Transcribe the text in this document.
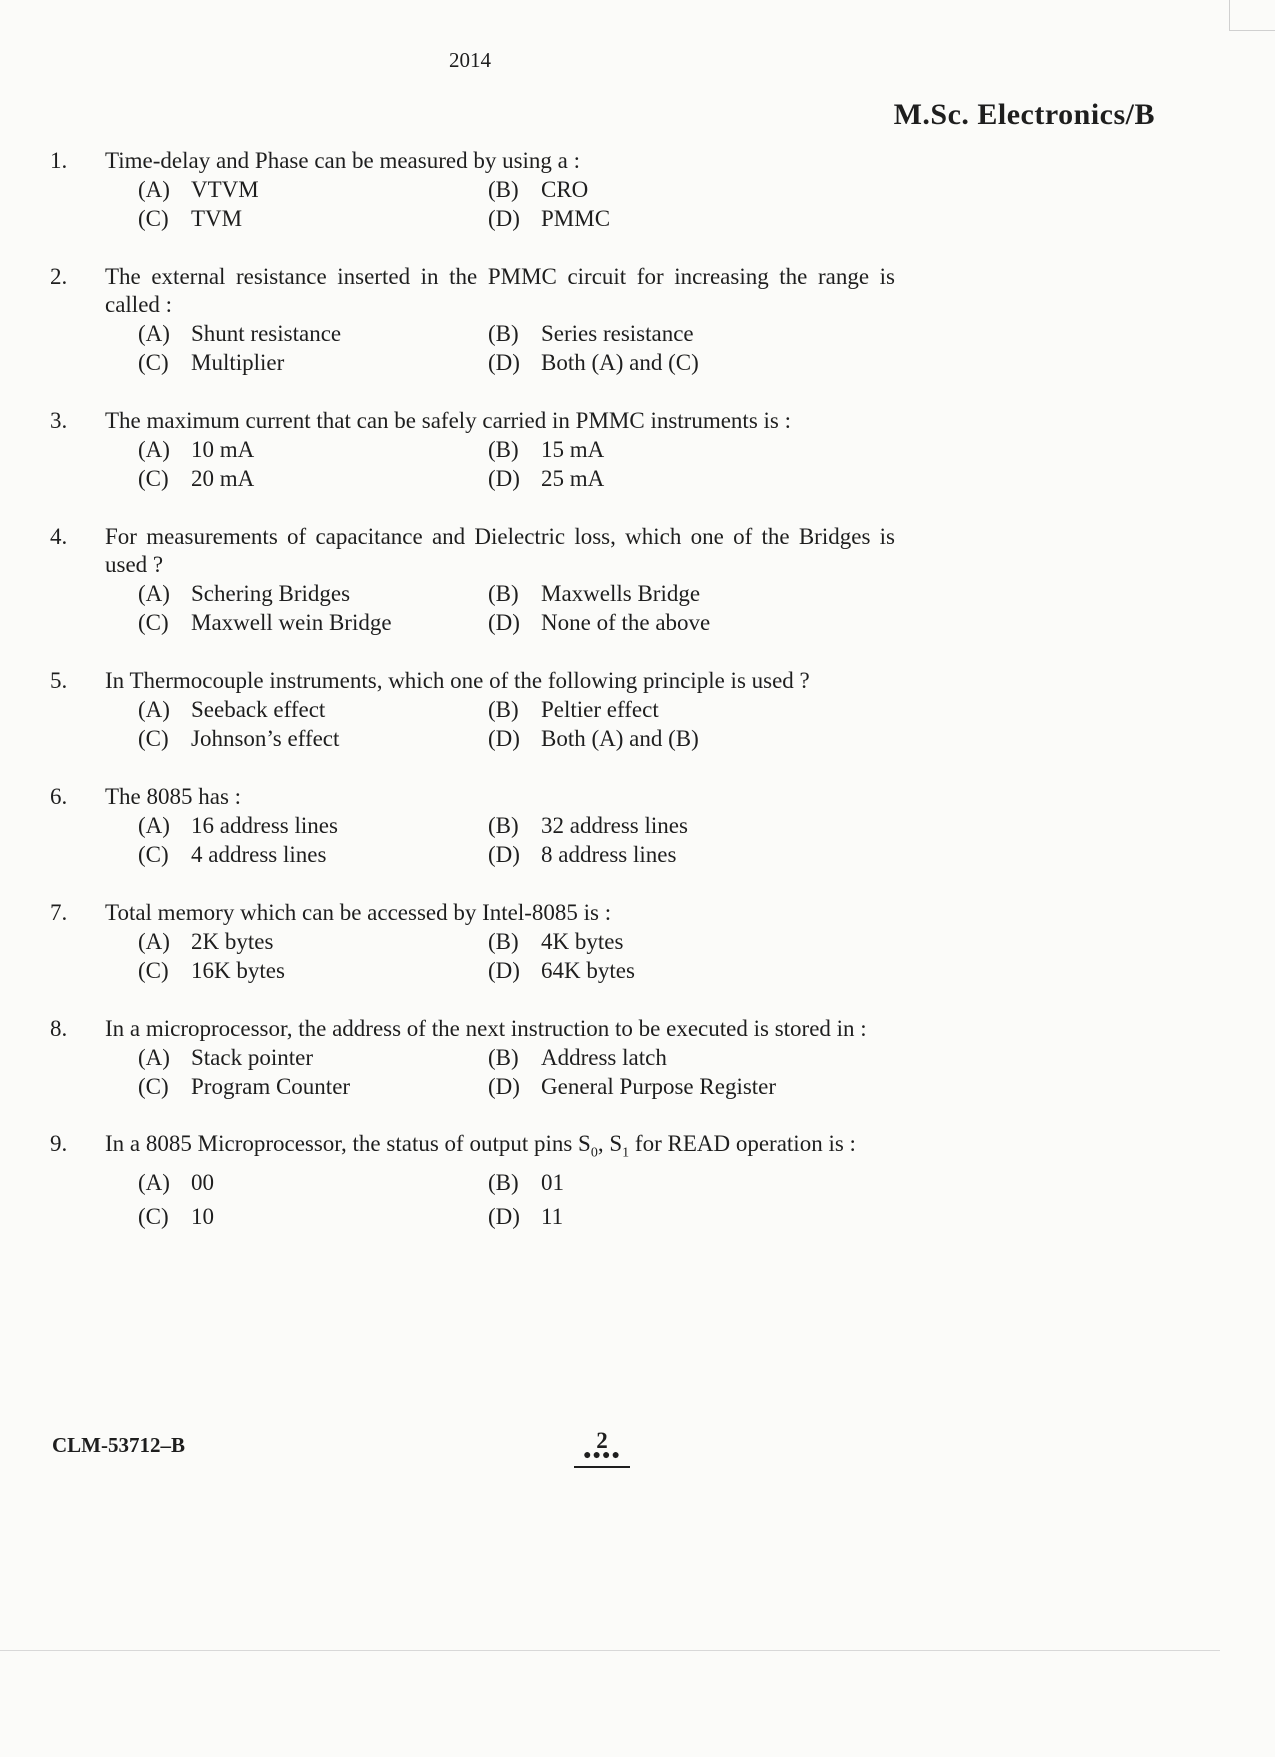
2014
M.Sc. Electronics/B
1. Time-delay and Phase can be measured by using a :
(A) VTVM	(B) CRO
(C) TVM	(D) PMMC
2. The external resistance inserted in the PMMC circuit for increasing the range is called :
(A) Shunt resistance	(B) Series resistance
(C) Multiplier	(D) Both (A) and (C)
3. The maximum current that can be safely carried in PMMC instruments is :
(A) 10 mA	(B) 15 mA
(C) 20 mA	(D) 25 mA
4. For measurements of capacitance and Dielectric loss, which one of the Bridges is used ?
(A) Schering Bridges	(B) Maxwells Bridge
(C) Maxwell wein Bridge	(D) None of the above
5. In Thermocouple instruments, which one of the following principle is used ?
(A) Seeback effect	(B) Peltier effect
(C) Johnson’s effect	(D) Both (A) and (B)
6. The 8085 has :
(A) 16 address lines	(B) 32 address lines
(C) 4 address lines	(D) 8 address lines
7. Total memory which can be accessed by Intel-8085 is :
(A) 2K bytes	(B) 4K bytes
(C) 16K bytes	(D) 64K bytes
8. In a microprocessor, the address of the next instruction to be executed is stored in :
(A) Stack pointer	(B) Address latch
(C) Program Counter	(D) General Purpose Register
9. In a 8085 Microprocessor, the status of output pins $S_0$, $S_1$ for READ operation is :
(A) 00	(B) 01
(C) 10	(D) 11
CLM-53712–B	2
●●●●
